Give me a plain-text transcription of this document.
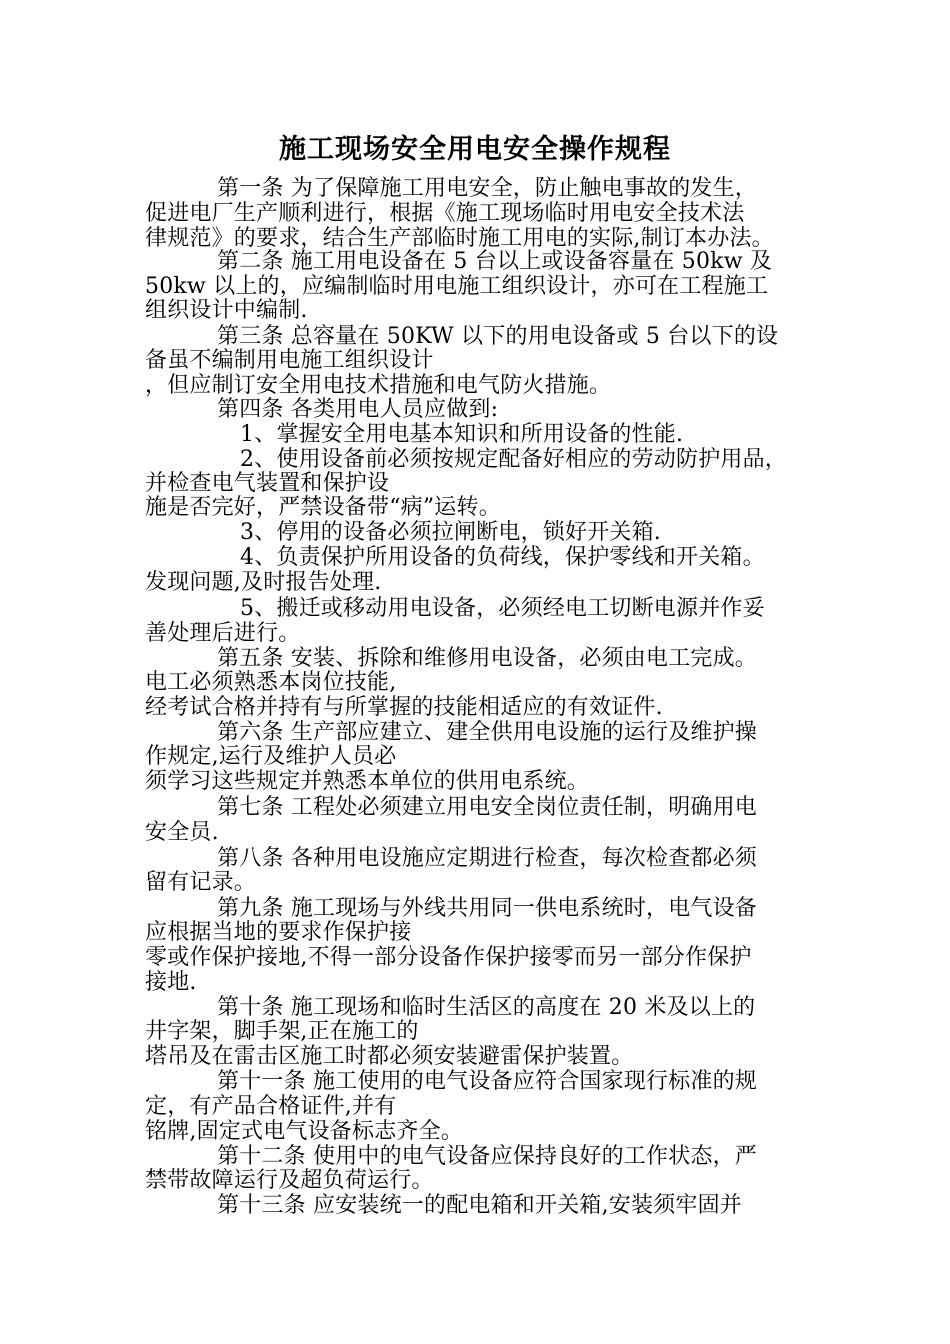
施工现场安全用电安全操作规程
第一条 为了保障施工用电安全，防止触电事故的发生，
促进电厂生产顺利进行，根据《施工现场临时用电安全技术法
律规范》的要求，结合生产部临时施工用电的实际,制订本办法。
第二条 施工用电设备在 5 台以上或设备容量在 50kw 及
50kw 以上的，应编制临时用电施工组织设计，亦可在工程施工
组织设计中编制.
第三条 总容量在 50KW 以下的用电设备或 5 台以下的设
备虽不编制用电施工组织设计
，但应制订安全用电技术措施和电气防火措施。
第四条 各类用电人员应做到:
1、掌握安全用电基本知识和所用设备的性能.
2、使用设备前必须按规定配备好相应的劳动防护用品，
并检查电气装置和保护设
施是否完好，严禁设备带“病”运转。
3、停用的设备必须拉闸断电，锁好开关箱.
4、负责保护所用设备的负荷线，保护零线和开关箱。
发现问题,及时报告处理.
5、搬迁或移动用电设备，必须经电工切断电源并作妥
善处理后进行。
第五条 安装、拆除和维修用电设备，必须由电工完成。
电工必须熟悉本岗位技能,
经考试合格并持有与所掌握的技能相适应的有效证件.
第六条 生产部应建立、建全供用电设施的运行及维护操
作规定,运行及维护人员必
须学习这些规定并熟悉本单位的供用电系统。
第七条 工程处必须建立用电安全岗位责任制，明确用电
安全员.
第八条 各种用电设施应定期进行检查，每次检查都必须
留有记录。
第九条 施工现场与外线共用同一供电系统时，电气设备
应根据当地的要求作保护接
零或作保护接地,不得一部分设备作保护接零而另一部分作保护
接地.
第十条 施工现场和临时生活区的高度在 20 米及以上的
井字架，脚手架,正在施工的
塔吊及在雷击区施工时都必须安装避雷保护装置。
第十一条 施工使用的电气设备应符合国家现行标准的规
定，有产品合格证件,并有
铭牌,固定式电气设备标志齐全。
第十二条 使用中的电气设备应保持良好的工作状态，严
禁带故障运行及超负荷运行。
第十三条 应安装统一的配电箱和开关箱,安装须牢固并
